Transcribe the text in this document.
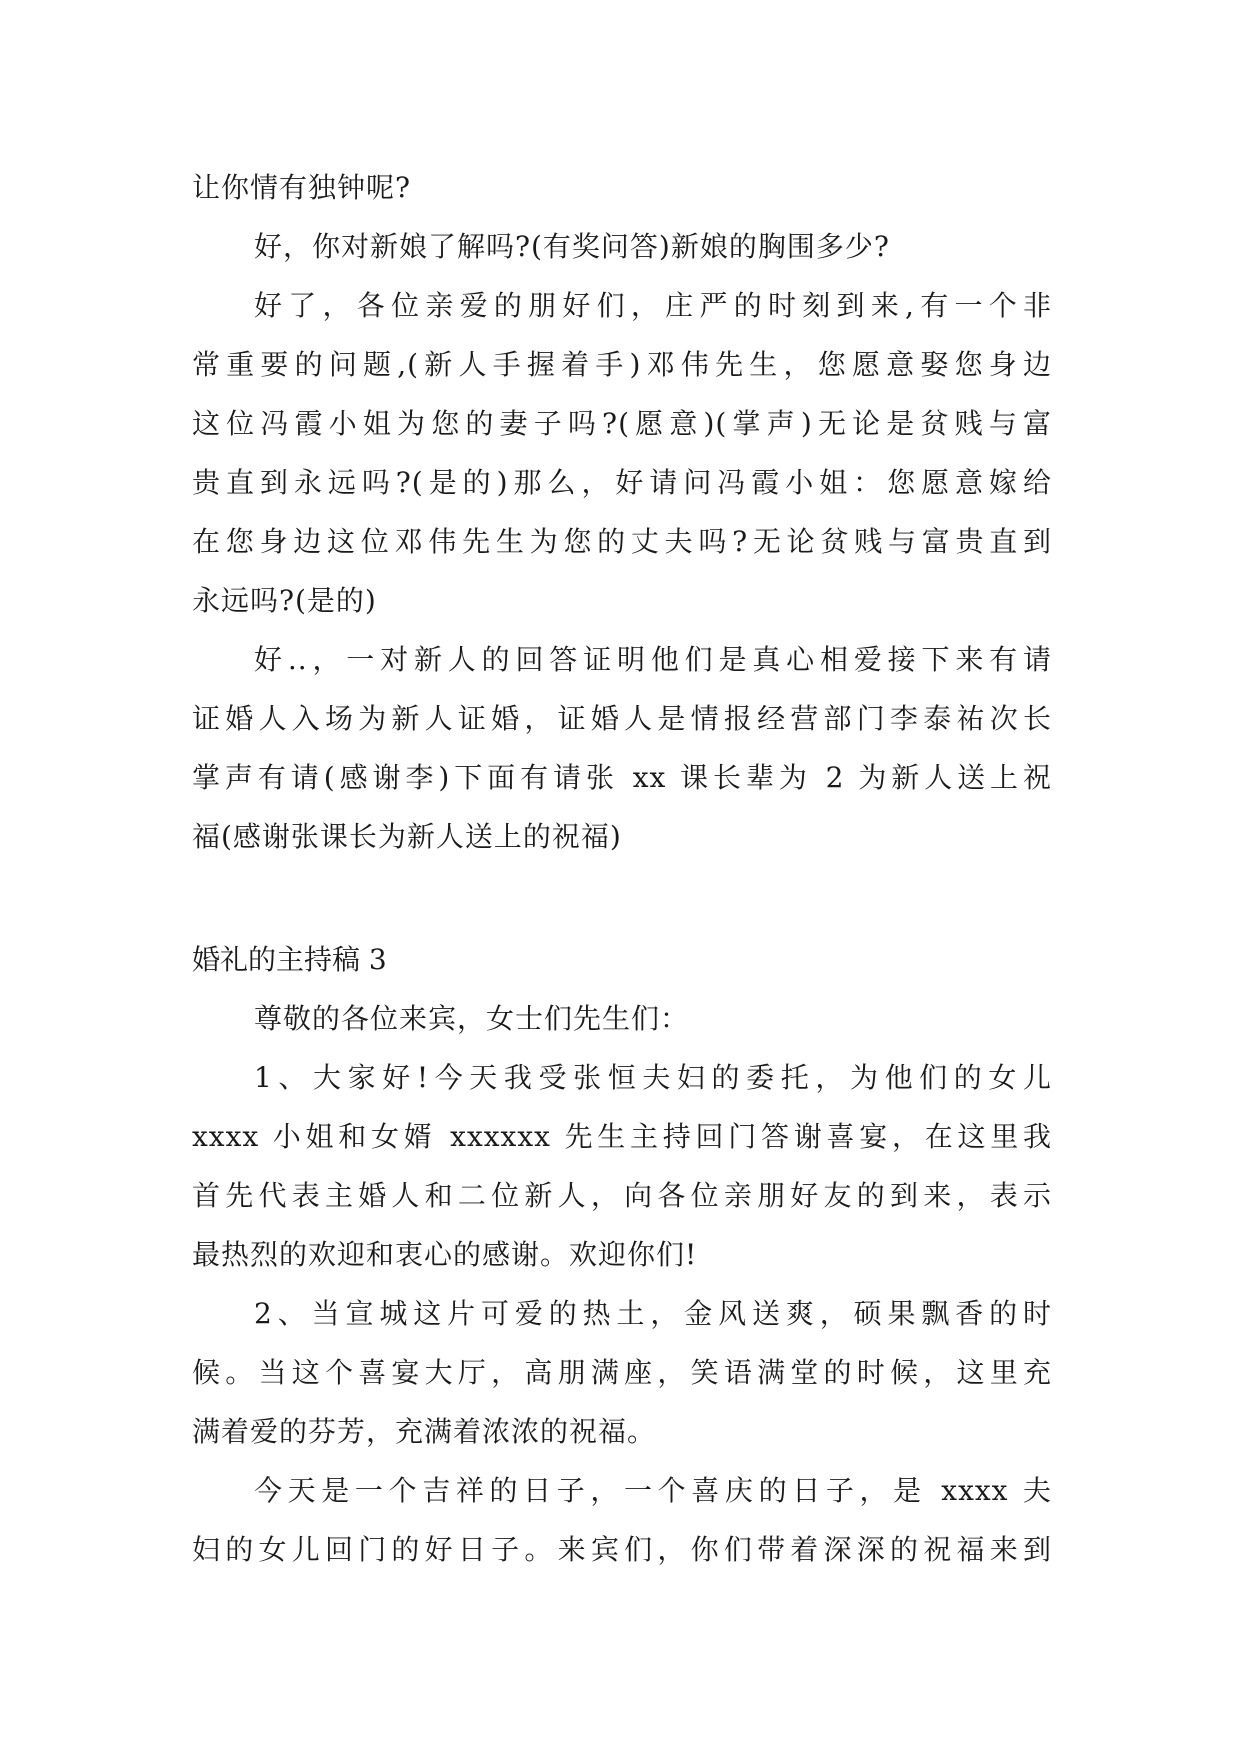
让你情有独钟呢?
好，你对新娘了解吗?(有奖问答)新娘的胸围多少?
好了，各位亲爱的朋好们，庄严的时刻到来,有一个非
常重要的问题,(新人手握着手)邓伟先生，您愿意娶您身边
这位冯霞小姐为您的妻子吗?(愿意)(掌声)无论是贫贱与富
贵直到永远吗?(是的)那么，好请问冯霞小姐：您愿意嫁给
在您身边这位邓伟先生为您的丈夫吗?无论贫贱与富贵直到
永远吗?(是的)
好..，一对新人的回答证明他们是真心相爱接下来有请
证婚人入场为新人证婚，证婚人是情报经营部门李泰祐次长
掌声有请(感谢李)下面有请张 xx 课长辈为 2 为新人送上祝
福(感谢张课长为新人送上的祝福)
婚礼的主持稿 3
尊敬的各位来宾，女士们先生们：
1、大家好!今天我受张恒夫妇的委托，为他们的女儿
xxxx 小姐和女婿 xxxxxx 先生主持回门答谢喜宴，在这里我
首先代表主婚人和二位新人，向各位亲朋好友的到来，表示
最热烈的欢迎和衷心的感谢。欢迎你们!
2、当宣城这片可爱的热土，金风送爽，硕果飘香的时
候。当这个喜宴大厅，高朋满座，笑语满堂的时候，这里充
满着爱的芬芳，充满着浓浓的祝福。
今天是一个吉祥的日子，一个喜庆的日子，是 xxxx 夫
妇的女儿回门的好日子。来宾们，你们带着深深的祝福来到
